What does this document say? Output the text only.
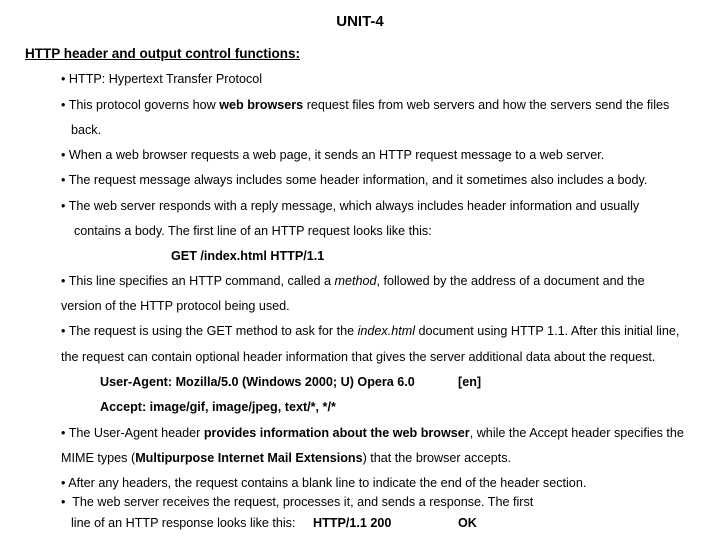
UNIT-4
HTTP header and output control functions:
• HTTP: Hypertext Transfer Protocol
• This protocol governs how web browsers request files from web servers and how the servers send the files
back.
• When a web browser requests a web page, it sends an HTTP request message to a web server.
• The request message always includes some header information, and it sometimes also includes a body.
• The web server responds with a reply message, which always includes header information and usually
contains a body. The first line of an HTTP request looks like this:
GET /index.html HTTP/1.1
• This line specifies an HTTP command, called a method, followed by the address of a document and the
version of the HTTP protocol being used.
• The request is using the GET method to ask for the index.html document using HTTP 1.1. After this initial line,
the request can contain optional header information that gives the server additional data about the request.
User-Agent: Mozilla/5.0 (Windows 2000; U) Opera 6.0	[en]
Accept: image/gif, image/jpeg, text/*, */*
• The User-Agent header provides information about the web browser, while the Accept header specifies the
MIME types (Multipurpose Internet Mail Extensions) that the browser accepts.
• After any headers, the request contains a blank line to indicate the end of the header section.
• The web server receives the request, processes it, and sends a response. The first
line of an HTTP response looks like this: HTTP/1.1 200	OK
